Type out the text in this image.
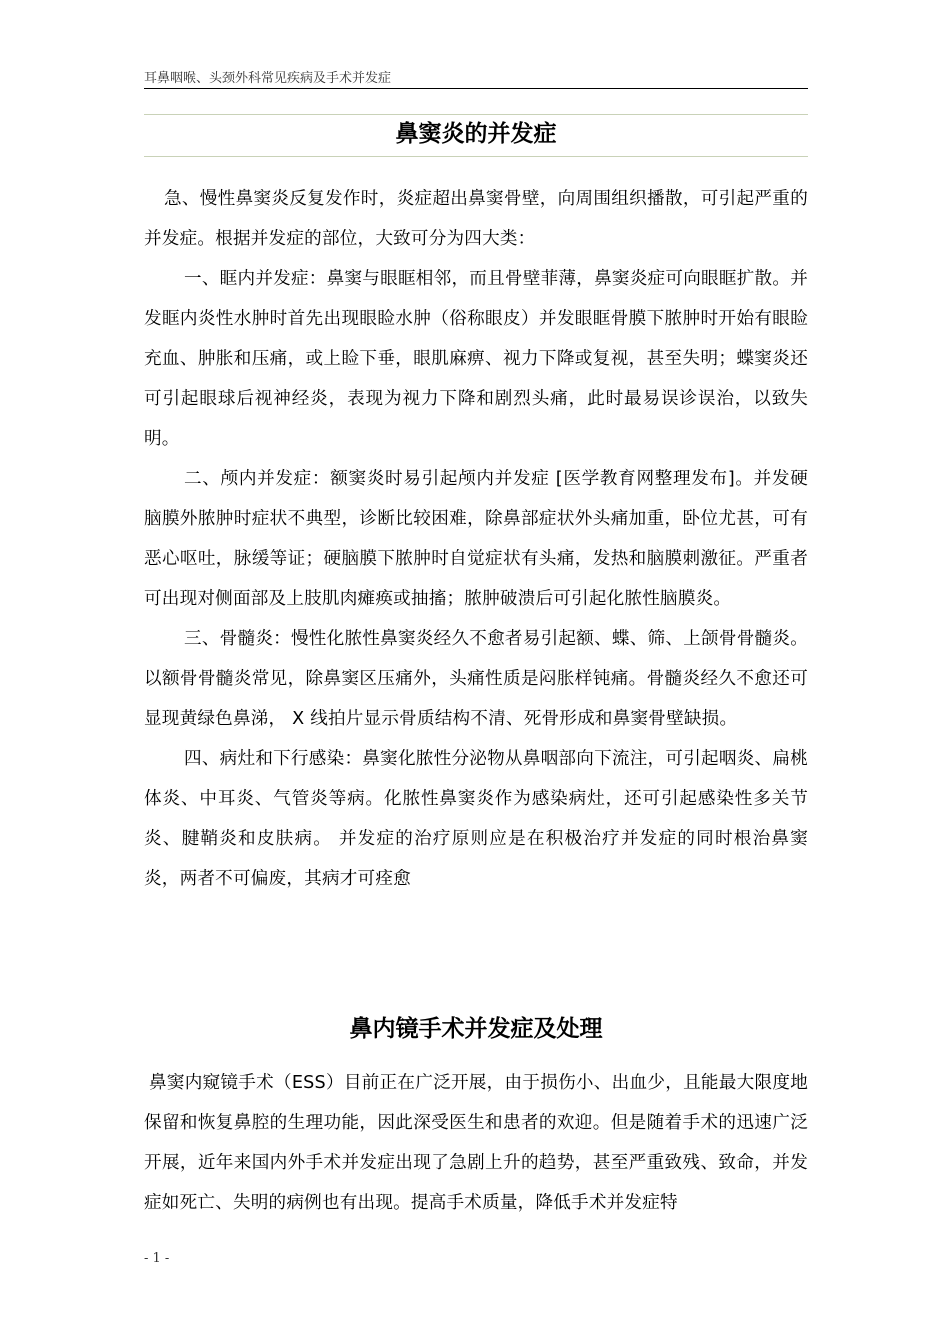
耳鼻咽喉、头颈外科常见疾病及手术并发症
鼻窦炎的并发症

急、慢性鼻窦炎反复发作时，炎症超出鼻窦骨壁，向周围组织播散，可引起严重的并发症。根据并发症的部位，大致可分为四大类：

一、眶内并发症：鼻窦与眼眶相邻，而且骨壁菲薄，鼻窦炎症可向眼眶扩散。并发眶内炎性水肿时首先出现眼睑水肿（俗称眼皮）并发眼眶骨膜下脓肿时开始有眼睑充血、肿胀和压痛，或上睑下垂，眼肌麻痹、视力下降或复视，甚至失明；蝶窦炎还可引起眼球后视神经炎，表现为视力下降和剧烈头痛，此时最易误诊误治，以致失明。

二、颅内并发症：额窦炎时易引起颅内并发症 [医学教育网整理发布]。并发硬脑膜外脓肿时症状不典型，诊断比较困难，除鼻部症状外头痛加重，卧位尤甚，可有恶心呕吐，脉缓等证；硬脑膜下脓肿时自觉症状有头痛，发热和脑膜刺激征。严重者可出现对侧面部及上肢肌肉瘫痪或抽搐；脓肿破溃后可引起化脓性脑膜炎。

三、骨髓炎：慢性化脓性鼻窦炎经久不愈者易引起额、蝶、筛、上颌骨骨髓炎。以额骨骨髓炎常见，除鼻窦区压痛外，头痛性质是闷胀样钝痛。骨髓炎经久不愈还可显现黄绿色鼻涕， X 线拍片显示骨质结构不清、死骨形成和鼻窦骨壁缺损。

四、病灶和下行感染：鼻窦化脓性分泌物从鼻咽部向下流注，可引起咽炎、扁桃体炎、中耳炎、气管炎等病。化脓性鼻窦炎作为感染病灶，还可引起感染性多关节炎、腱鞘炎和皮肤病。 并发症的治疗原则应是在积极治疗并发症的同时根治鼻窦炎，两者不可偏废，其病才可痊愈

鼻内镜手术并发症及处理

鼻窦内窥镜手术（ESS）目前正在广泛开展，由于损伤小、出血少，且能最大限度地保留和恢复鼻腔的生理功能，因此深受医生和患者的欢迎。但是随着手术的迅速广泛开展，近年来国内外手术并发症出现了急剧上升的趋势，甚至严重致残、致命，并发症如死亡、失明的病例也有出现。提高手术质量，降低手术并发症特

- 1 -
